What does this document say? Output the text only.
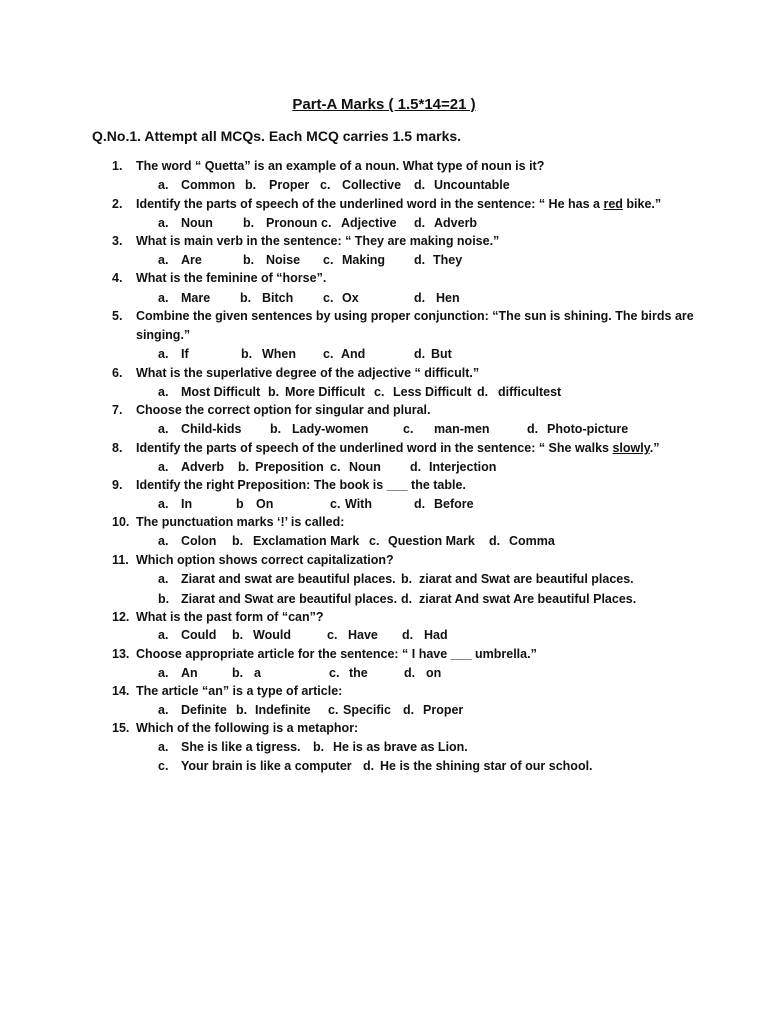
Part-A Marks ( 1.5*14=21 )
Q.No.1. Attempt all MCQs. Each MCQ carries 1.5 marks.
1.	The word “ Quetta” is an example of a noun. What type of noun is it?
a. Common b. Proper c. Collective d. Uncountable
2.	Identify the parts of speech of the underlined word in the sentence: “ He has a red bike.”
a. Noun b. Pronoun c. Adjective d. Adverb
3.	What is main verb in the sentence: “ They are making noise.”
a. Are	b. Noise c. Making d. They
4.	What is the feminine of “horse”.
a. Mare b. Bitch c. Ox	d. Hen
5.	Combine the given sentences by using proper conjunction: “The sun is shining. The birds are
singing.”
a. If	b. When c. And	d. But
6.	What is the superlative degree of the adjective “ difficult.”
a. Most Difficult b. More Difficult c. Less Difficult d. difficultest
7.	Choose the correct option for singular and plural.
a. Child-kids b. Lady-women	c. man-men	d. Photo-picture
8.	Identify the parts of speech of the underlined word in the sentence: “ She walks slowly.”
a. Adverb b. Preposition c. Noun d. Interjection
9.	Identify the right Preposition: The book is ___ the table.
a. In	b On	c. With	d. Before
10. The punctuation marks ‘!’ is called:
a. Colon b. Exclamation Mark c. Question Mark d. Comma
11. Which option shows correct capitalization?
a. Ziarat and swat are beautiful places. b. ziarat and Swat are beautiful places.
b. Ziarat and Swat are beautiful places. d. ziarat And swat Are beautiful Places.
12. What is the past form of “can”?
a. Could b. Would	c. Have d. Had
13. Choose appropriate article for the sentence: “ I have ___ umbrella.”
a. An	b. a	c. the	d. on
14. The article “an” is a type of article:
a. Definite b. Indefinite c. Specific d. Proper
15. Which of the following is a metaphor:
a. She is like a tigress. b. He is as brave as Lion.
c. Your brain is like a computer d. He is the shining star of our school.
